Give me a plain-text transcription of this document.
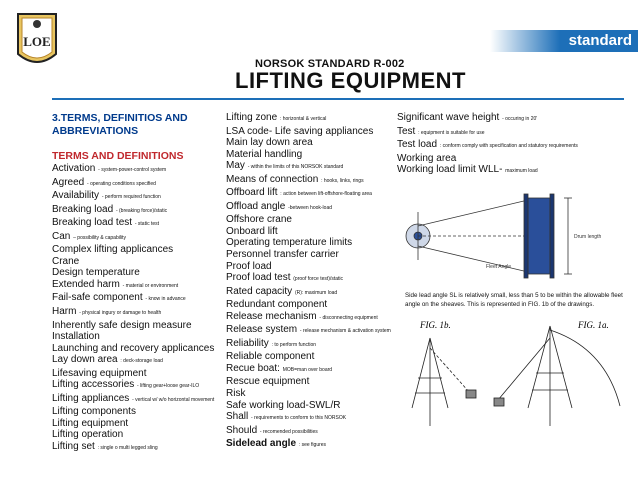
LOE	standard
NORSOK STANDARD R-002
LIFTING EQUIPMENT
3.TERMS, DEFINITIOS AND ABBREVIATIONS
TERMS AND DEFINITIONS
Activation - system-power-control system
Agreed - operating conditions specified
Availability - perform required function
Breaking load - (breaking force)/static
Breaking load test - static test
Can – possibility & capability
Complex lifting applicances
Crane
Design temperature
Extended harm - material or environment
Fail-safe component - know in advance
Harm - physical ingury or damage to health
Inherently safe design measure
Installation
Launching and recovery applicances
Lay down area : deck-storage load
Lifesaving equipment
Lifting accessories - lifting gear+loose gear-ILO
Lifting appliances - vertical w/ w/o horizontal movement
Lifting components
Lifting equipment
Lifting operation
Lifting set : single o multi legged sling
Lifting zone : horizontal & vertical
LSA code- Life saving appliances
Main lay down area
Material handling
May - within the limits of this NORSOK standard
Means of connection : hooks, links, rings
Offboard lift : action between lift-offshore-floating area
Offload angle -between hook-load
Offshore crane
Onboard lift
Operating temperature limits
Personnel transfer carrier
Proof load
Proof load test (proof force test)/static
Rated capacity (R): maximum load
Redundant component
Release mechanism - disconnecting equipment
Release system - release mechanism & activation system
Reliability : to perform function
Reliable component
Recue boat: MOB=man over board
Rescue equipment
Risk
Safe working load-SWL/R
Shall - requirements to conform to this NORSOK
Should - recomended possibilities
Sidelead angle : see figures
Significant wave height - occuring in 20'
Test : equipment is suitable for use
Test load : conform comply with specification and statutory requirements
Working area
Working load limit WLL- maximum load
Drum length
Fleet Angle
Side lead angle SL is relatively small, less than 5 to be within the allowable fleet angle on the sheaves. This is represented in FIG. 1b of the drawings.
FIG. 1b.	FIG. 1a.
